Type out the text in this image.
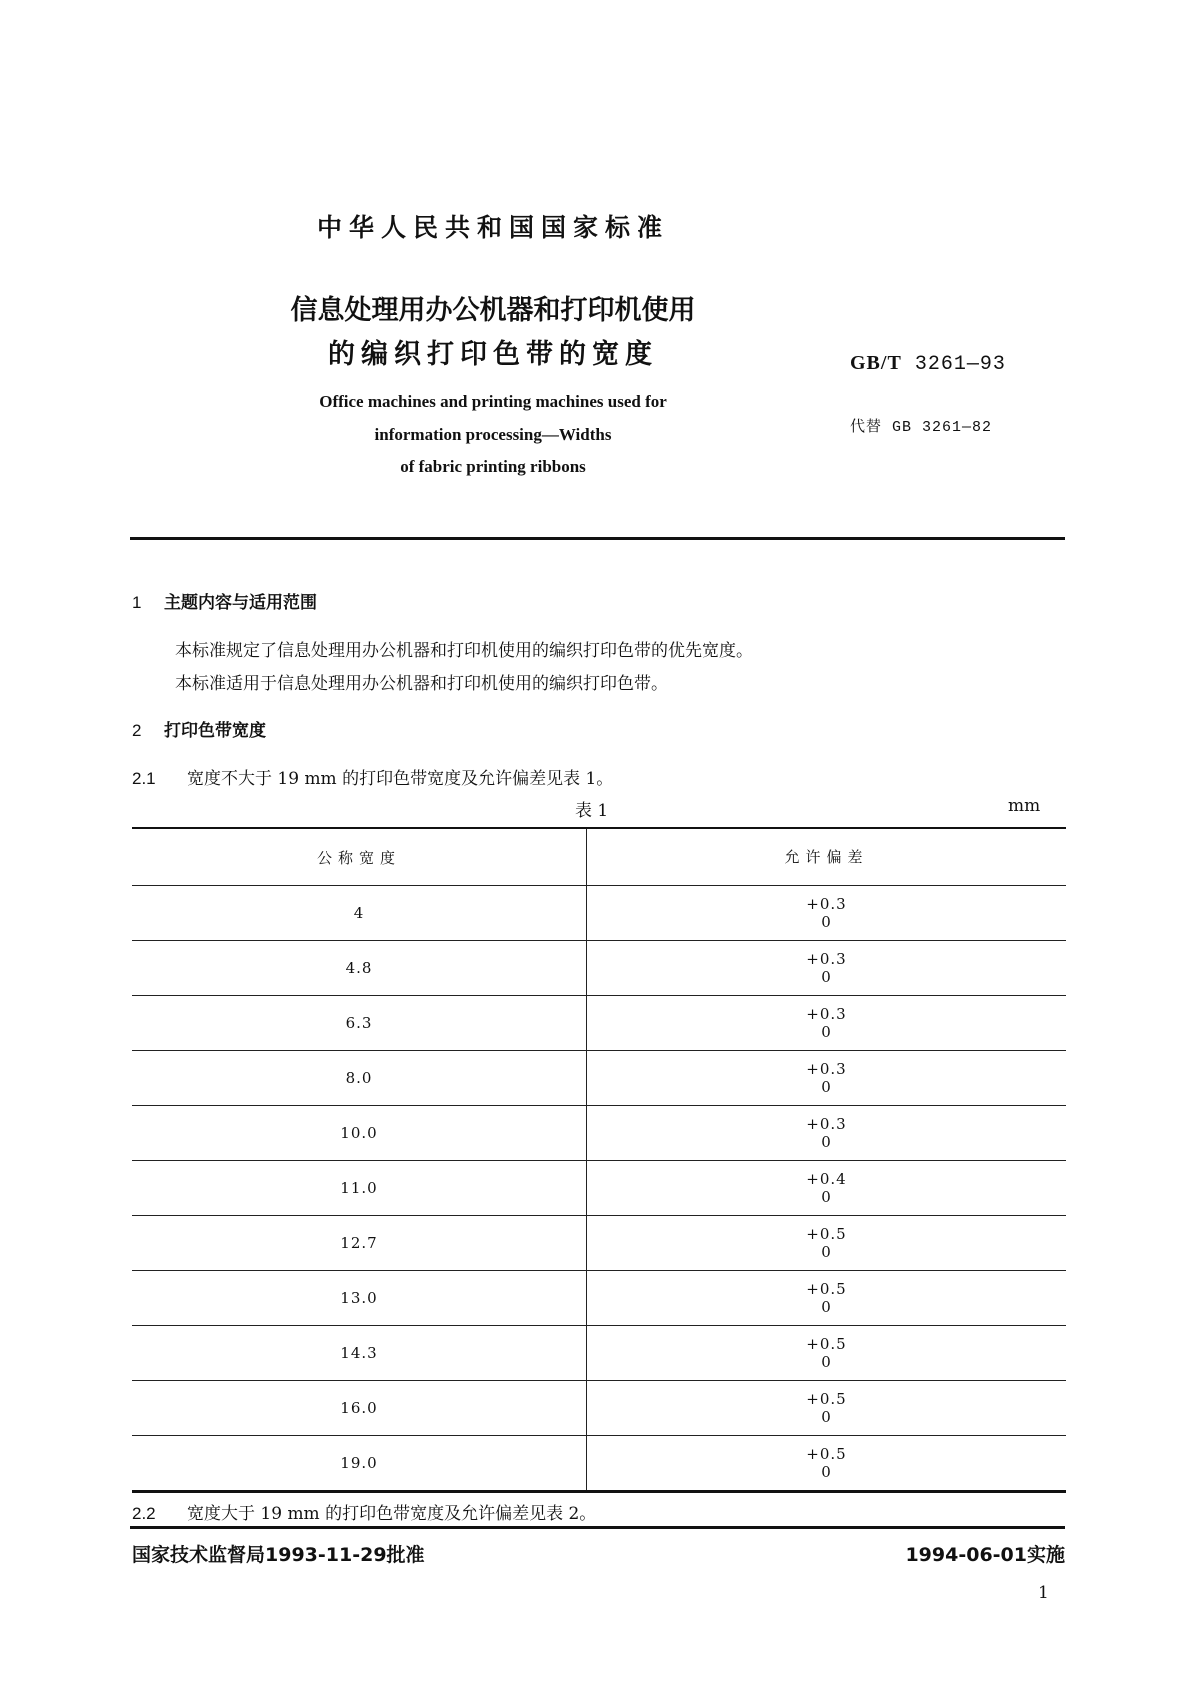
中华人民共和国国家标准
信息处理用办公机器和打印机使用
的编织打印色带的宽度
Office machines and printing machines used for
information processing—Widths
of fabric printing ribbons
GB/T 3261—93
代替 GB 3261—82
1 主题内容与适用范围
本标准规定了信息处理用办公机器和打印机使用的编织打印色带的优先宽度。
本标准适用于信息处理用办公机器和打印机使用的编织打印色带。
2 打印色带宽度
2.1 宽度不大于 19 mm 的打印色带宽度及允许偏差见表 1。
表 1	mm
公称宽度	允许偏差
4	+0.3
0
4.8	+0.3
0
6.3	+0.3
0
8.0	+0.3
0
10.0	+0.3
0
11.0	+0.4
0
12.7	+0.5
0
13.0	+0.5
0
14.3	+0.5
0
16.0	+0.5
0
19.0	+0.5
0
2.2 宽度大于 19 mm 的打印色带宽度及允许偏差见表 2。
国家技术监督局1993-11-29批准	1994-06-01实施
1
